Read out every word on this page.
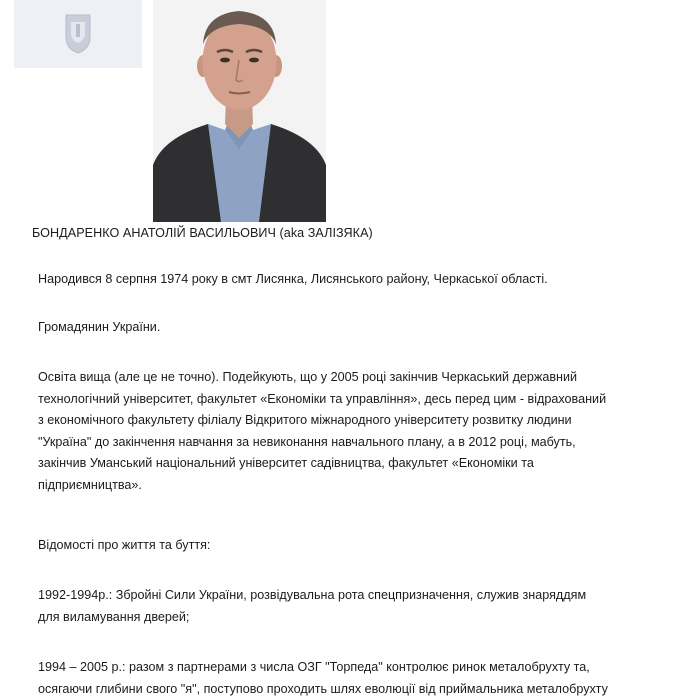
БОНДАРЕНКО АНАТОЛІЙ ВАСИЛЬОВИЧ (aka ЗАЛІЗЯКА)
Народився 8 серпня 1974 року в смт Лисянка, Лисянського району, Черкаської області.
Громадянин України.
Освіта вища (але це не точно). Подейкують, що у 2005 році закінчив Черкаський державний
технологічний університет, факультет «Економіки та управління», десь перед цим - відрахований
з економічного факультету філіалу Відкритого міжнародного університету розвитку людини
"Україна" до закінчення навчання за невиконання навчального плану, а в 2012 році, мабуть,
закінчив Уманський національний університет садівництва, факультет «Економіки та
підприємництва».
Відомості про життя та буття:
1992-1994р.: Збройні Сили України, розвідувальна рота спецпризначення, служив знаряддям
для виламування дверей;
1994 – 2005 р.: разом з партнерами з числа ОЗГ "Торпеда" контролює ринок металобрухту та,
осягаючи глибини свого "я", поступово проходить шлях еволюції від приймальника металобрухту
